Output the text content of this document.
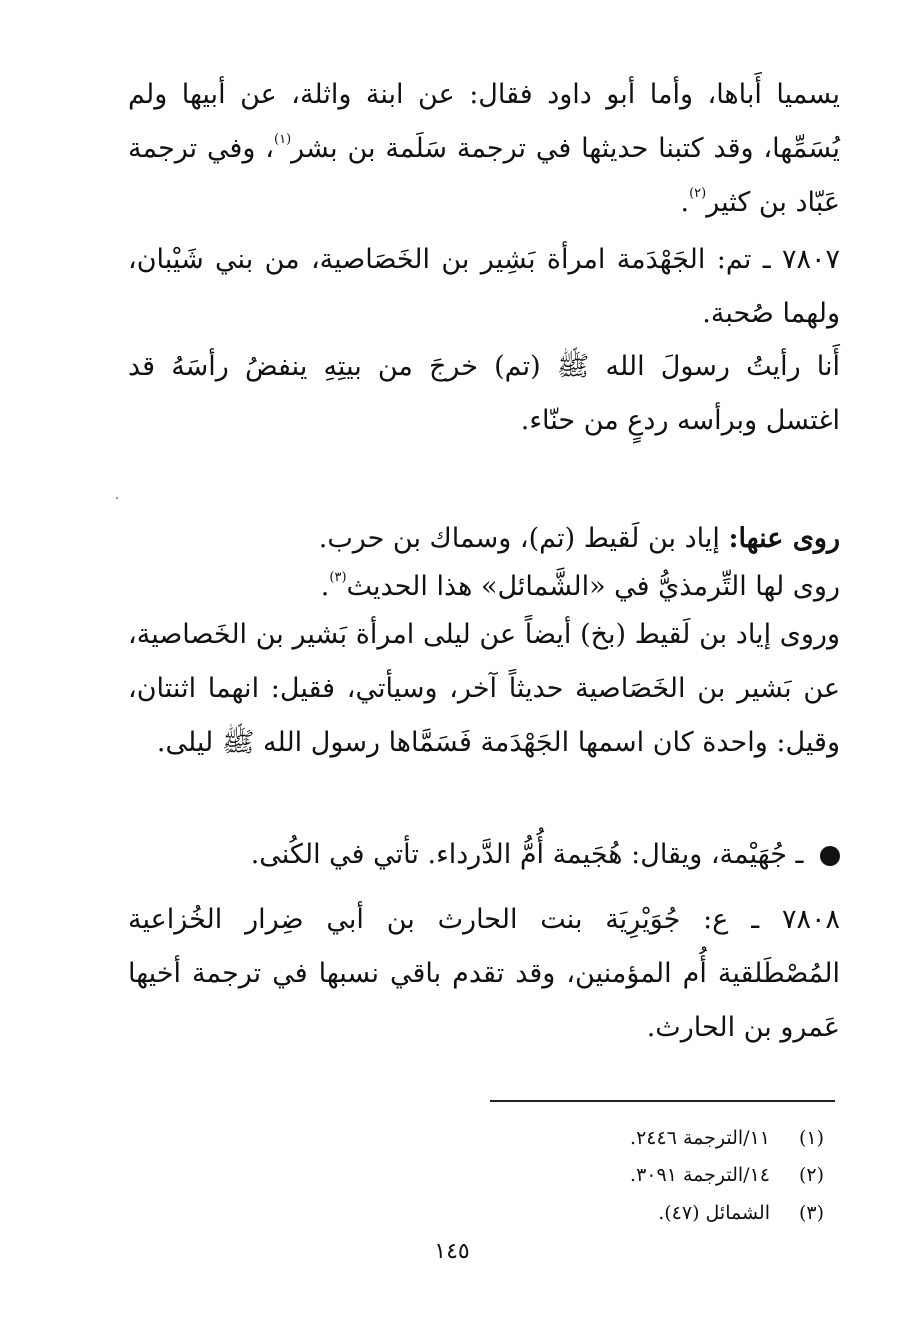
يسميا أَباها، وأما أبو داود فقال: عن ابنة واثلة، عن أبيها ولم يُسَمِّها، وقد كتبنا حديثها في ترجمة سَلَمة بن بشر$^{(١)}$، وفي ترجمة عَبّاد بن كثير$^{(٢)}$.

٧٨٠٧ ـ تم: الجَهْدَمة امرأة بَشِير بن الخَصَاصية، من بني شَيْبان، ولهما صُحبة.

أَنا رأيتُ رسولَ الله ﷺ (تم) خرجَ من بيتِهِ ينفضُ رأسَهُ قد اغتسل وبرأسه ردعٍ من حنّاء.

روى عنها: إياد بن لَقيط (تم)، وسماك بن حرب.

روى لها التِّرمذيُّ في «الشَّمائل» هذا الحديث$^{(٣)}$.

وروى إياد بن لَقيط (بخ) أيضاً عن ليلى امرأة بَشير بن الخَصاصية، عن بَشير بن الخَصَاصية حديثاً آخر، وسيأتي، فقيل: انهما اثنتان، وقيل: واحدة كان اسمها الجَهْدَمة فَسَمَّاها رسول الله ﷺ ليلى.

ـ جُهَيْمة، ويقال: هُجَيمة أُمُّ الدَّرداء. تأتي في الكُنى.

٧٨٠٨ ـ ع: جُوَيْرِيَة بنت الحارث بن أبي ضِرار الخُزاعية المُصْطَلقية أُم المؤمنين، وقد تقدم باقي نسبها في ترجمة أخيها عَمرو بن الحارث.

(١)١١/الترجمة ٢٤٤٦.
(٢)١٤/الترجمة ٣٠٩١.
(٣)الشمائل (٤٧).
١٤٥
